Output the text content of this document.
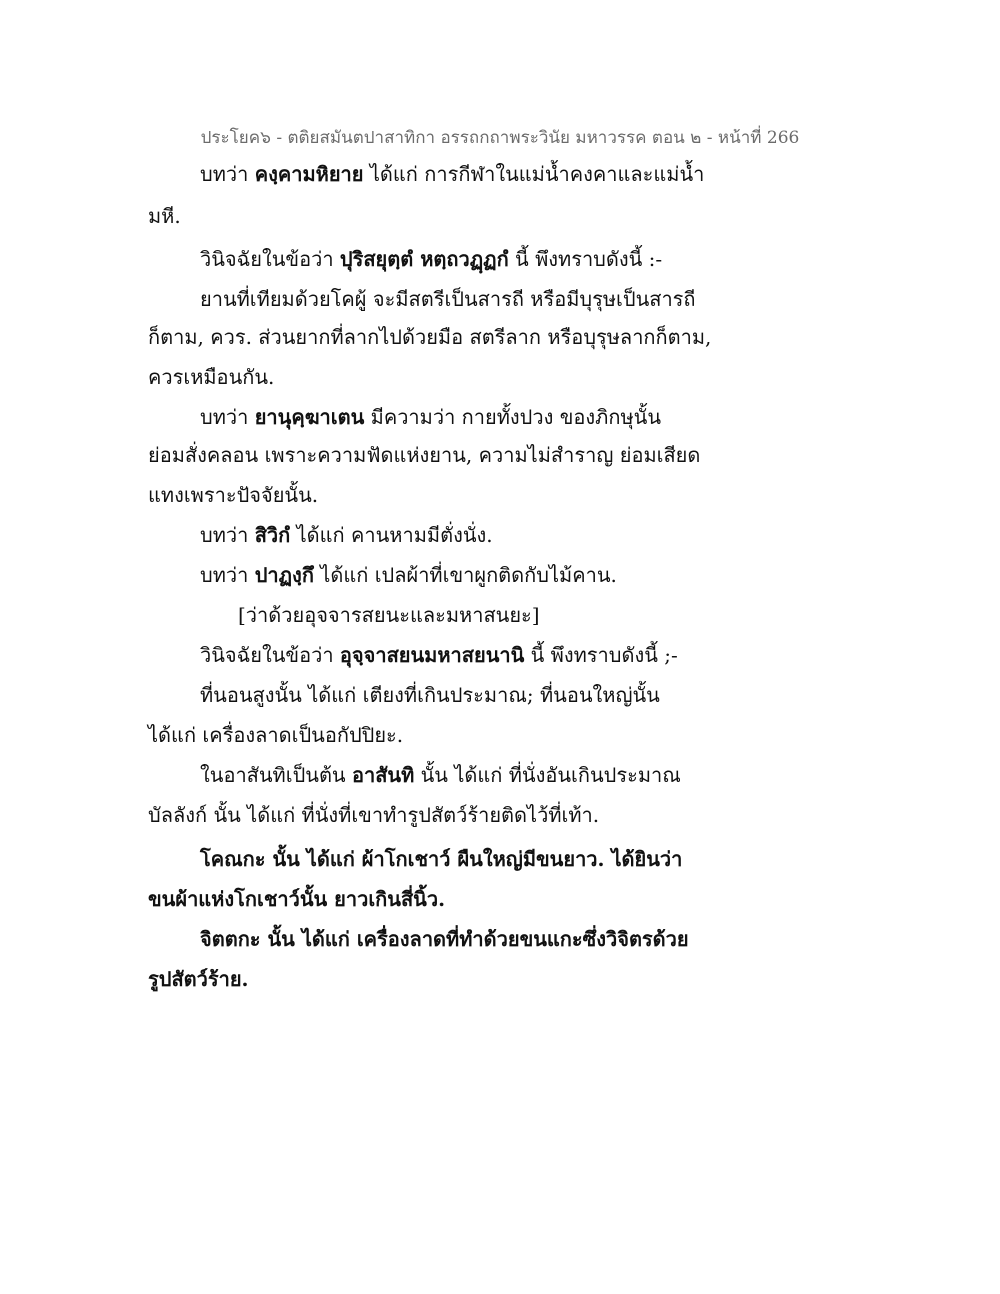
ประโยค๖ - ตติยสมันตปาสาทิกา อรรถกถาพระวินัย มหาวรรค ตอน ๒ - หน้าที่ 266
บทว่า คงฺคามหิยาย ได้แก่ การกีฬาในแม่น้ำคงคาและแม่น้ำ
มหี.
วินิจฉัยในข้อว่า ปุริสยุตฺตํ หตฺถวฏฺฏกํ นี้ พึงทราบดังนี้ :-
ยานที่เทียมด้วยโคผู้ จะมีสตรีเป็นสารถี หรือมีบุรุษเป็นสารถี
ก็ตาม, ควร. ส่วนยากที่ลากไปด้วยมือ สตรีลาก หรือบุรุษลากก็ตาม,
ควรเหมือนกัน.
บทว่า ยานุคฺฆาเตน มีความว่า กายทั้งปวง ของภิกษุนั้น
ย่อมสั่งคลอน เพราะความฟัดแห่งยาน, ความไม่สำราญ ย่อมเสียด
แทงเพราะปัจจัยนั้น.
บทว่า สิวิกํ ได้แก่ คานหามมีตั่งนั่ง.
บทว่า ปาฏงฺกึ ได้แก่ เปลผ้าที่เขาผูกติดกับไม้คาน.
[ว่าด้วยอุจจารสยนะและมหาสนยะ]
วินิจฉัยในข้อว่า อุจฺจาสยนมหาสยนานิ นี้ พึงทราบดังนี้ ;-
ที่นอนสูงนั้น ได้แก่ เตียงที่เกินประมาณ; ที่นอนใหญ่นั้น
ได้แก่ เครื่องลาดเป็นอกัปปิยะ.
ในอาสันทิเป็นต้น อาสันทิ นั้น ได้แก่ ที่นั่งอันเกินประมาณ
บัลลังก์ นั้น ได้แก่ ที่นั่งที่เขาทำรูปสัตว์ร้ายติดไว้ที่เท้า.
โคณกะ นั้น ได้แก่ ผ้าโกเชาว์ ผืนใหญ่มีขนยาว. ได้ยินว่า
ขนผ้าแห่งโกเชาว์นั้น ยาวเกินสี่นิ้ว.
จิตตกะ นั้น ได้แก่ เครื่องลาดที่ทำด้วยขนแกะซึ่งวิจิตรด้วย
รูปสัตว์ร้าย.
